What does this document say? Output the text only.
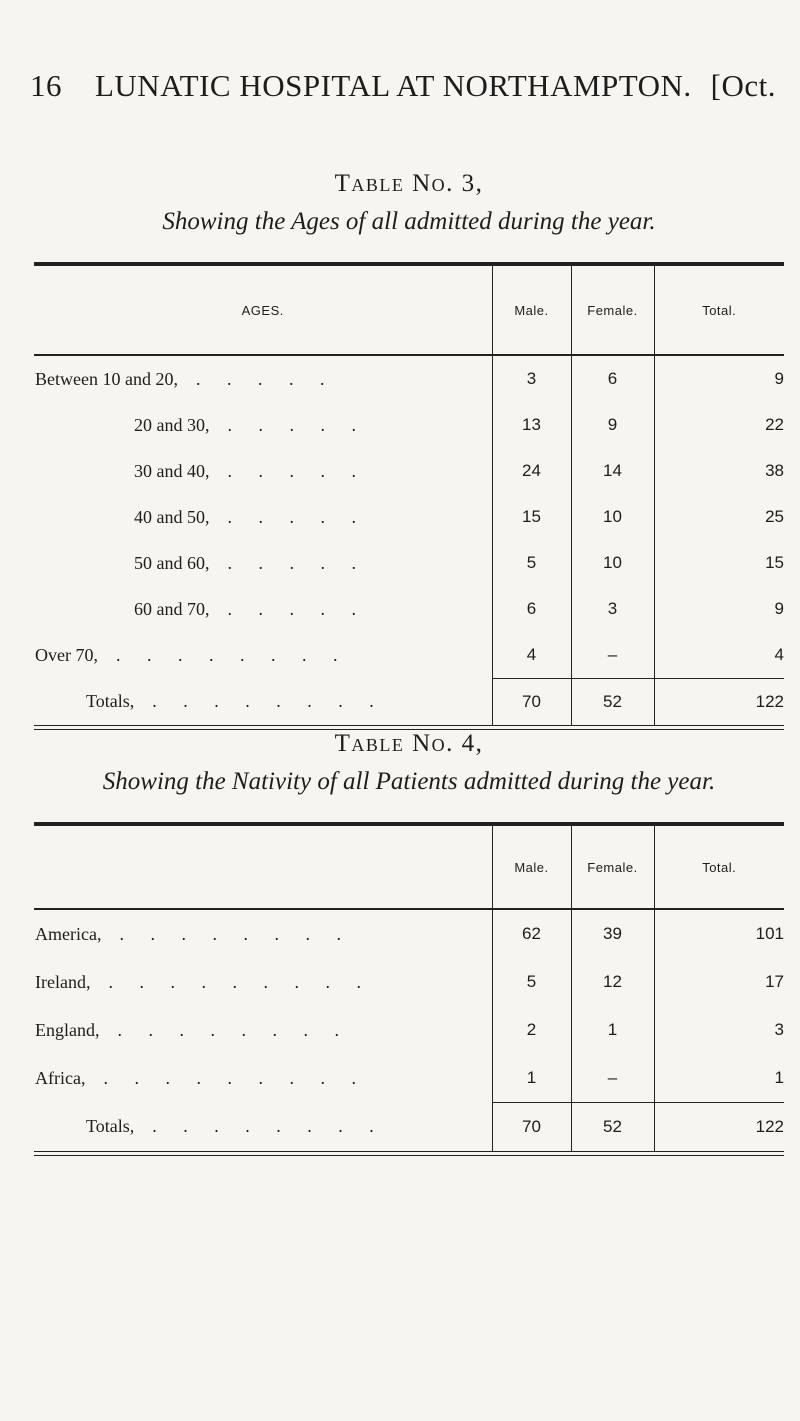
16	LUNATIC HOSPITAL AT NORTHAMPTON. [Oct.
Table No. 3,
Showing the Ages of all admitted during the year.
AGES.	Male.	Female.	Total.
Between 10 and 20, . . . . .	3	6	9
20 and 30, . . . . .	13	9	22
30 and 40, . . . . .	24	14	38
40 and 50, . . . . .	15	10	25
50 and 60, . . . . .	5	10	15
60 and 70, . . . . .	6	3	9
Over 70, . . . . . . . .	4	–	4
Totals, . . . . . . . .	70	52	122
Table No. 4,
Showing the Nativity of all Patients admitted during the year.
	Male.	Female.	Total.
America, . . . . . . . .	62	39	101
Ireland, . . . . . . . . .	5	12	17
England, . . . . . . . .	2	1	3
Africa, . . . . . . . . .	1	–	1
Totals, . . . . . . . .	70	52	122
